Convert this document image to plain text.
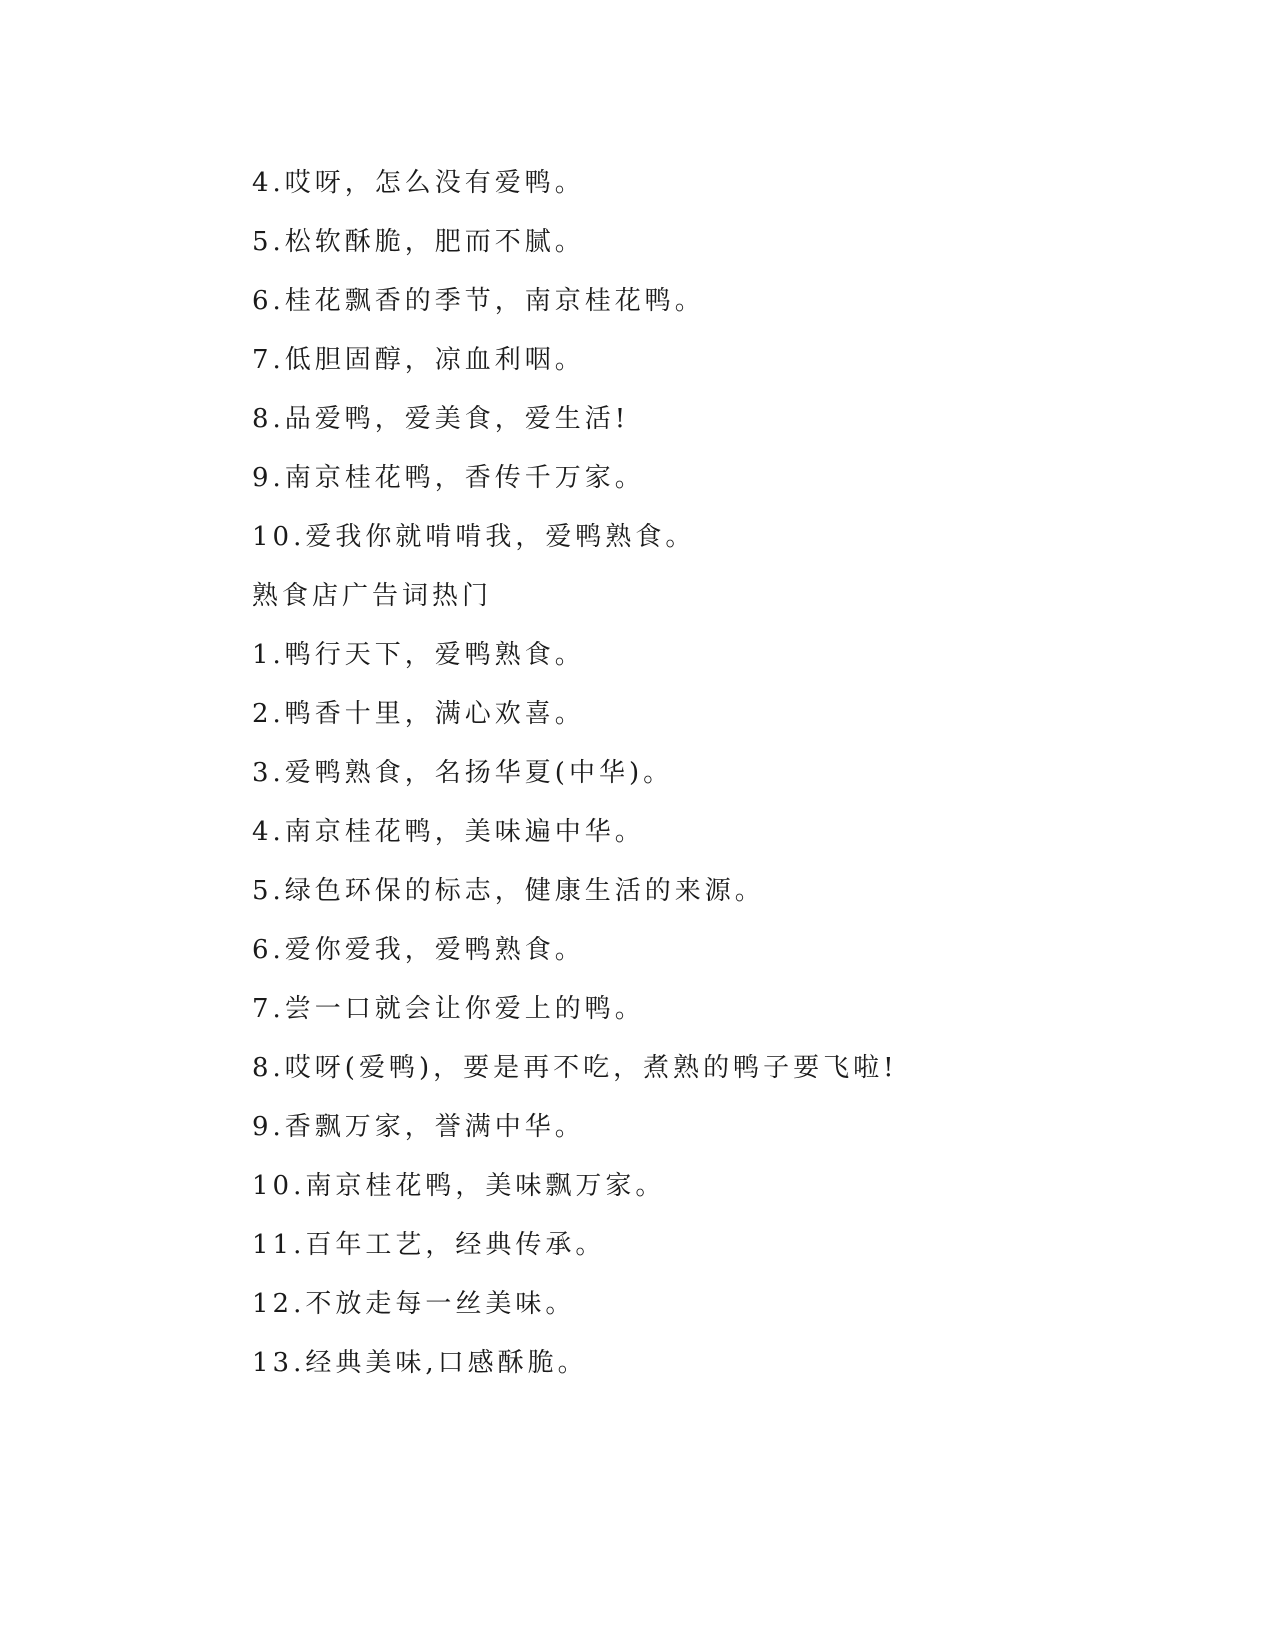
4.哎呀，怎么没有爱鸭。
5.松软酥脆，肥而不腻。
6.桂花飘香的季节，南京桂花鸭。
7.低胆固醇，凉血利咽。
8.品爱鸭，爱美食，爱生活!
9.南京桂花鸭，香传千万家。
10.爱我你就啃啃我，爱鸭熟食。
熟食店广告词热门
1.鸭行天下，爱鸭熟食。
2.鸭香十里，满心欢喜。
3.爱鸭熟食，名扬华夏(中华)。
4.南京桂花鸭，美味遍中华。
5.绿色环保的标志，健康生活的来源。
6.爱你爱我，爱鸭熟食。
7.尝一口就会让你爱上的鸭。
8.哎呀(爱鸭)，要是再不吃，煮熟的鸭子要飞啦!
9.香飘万家，誉满中华。
10.南京桂花鸭，美味飘万家。
11.百年工艺，经典传承。
12.不放走每一丝美味。
13.经典美味,口感酥脆。
